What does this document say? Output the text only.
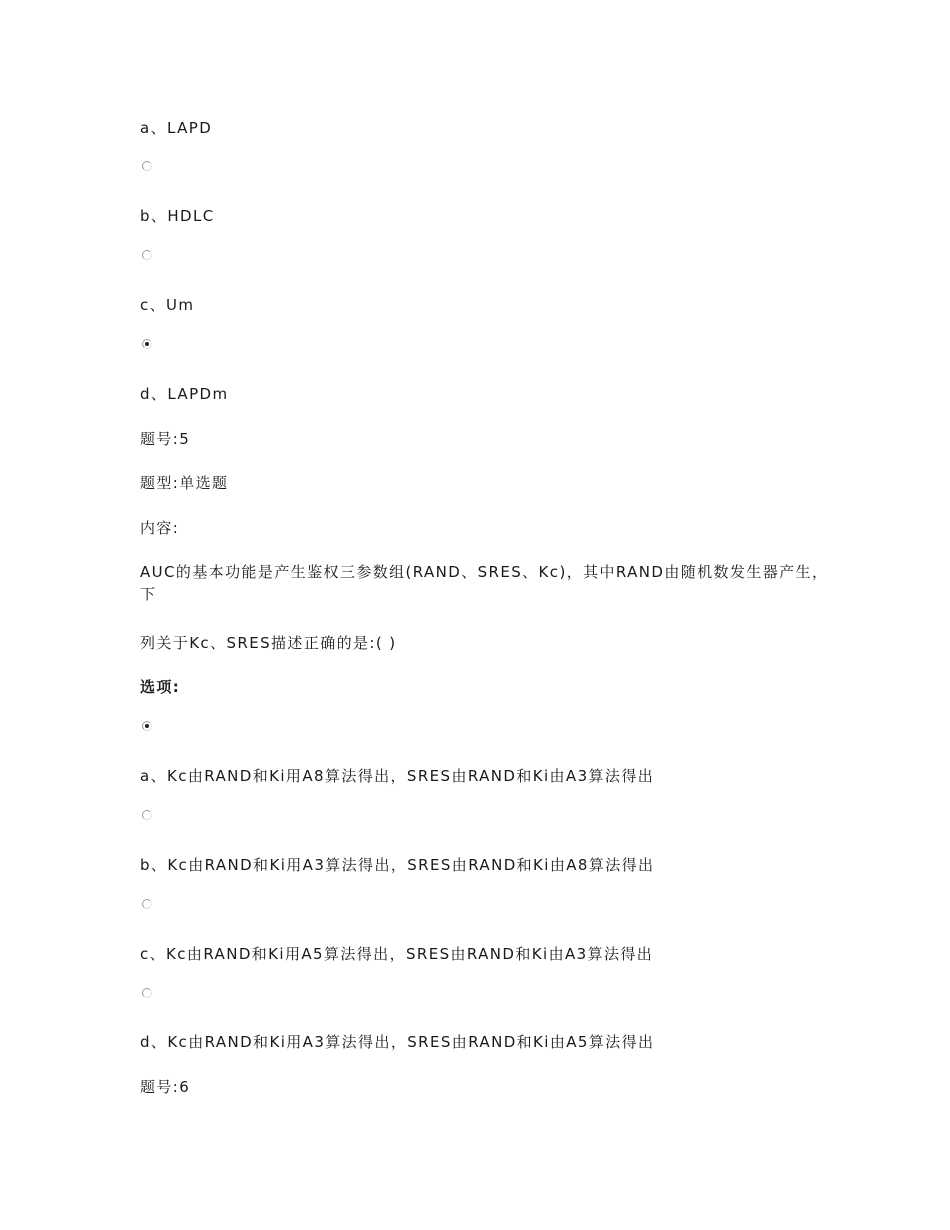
a、LAPD
b、HDLC
c、Um
d、LAPDm
题号:5
题型:单选题
内容:
AUC的基本功能是产生鉴权三参数组(RAND、SRES、Kc)，其中RAND由随机数发生器产生，下
列关于Kc、SRES描述正确的是:( )
选项:
a、Kc由RAND和Ki用A8算法得出，SRES由RAND和Ki由A3算法得出
b、Kc由RAND和Ki用A3算法得出，SRES由RAND和Ki由A8算法得出
c、Kc由RAND和Ki用A5算法得出，SRES由RAND和Ki由A3算法得出
d、Kc由RAND和Ki用A3算法得出，SRES由RAND和Ki由A5算法得出
题号:6
